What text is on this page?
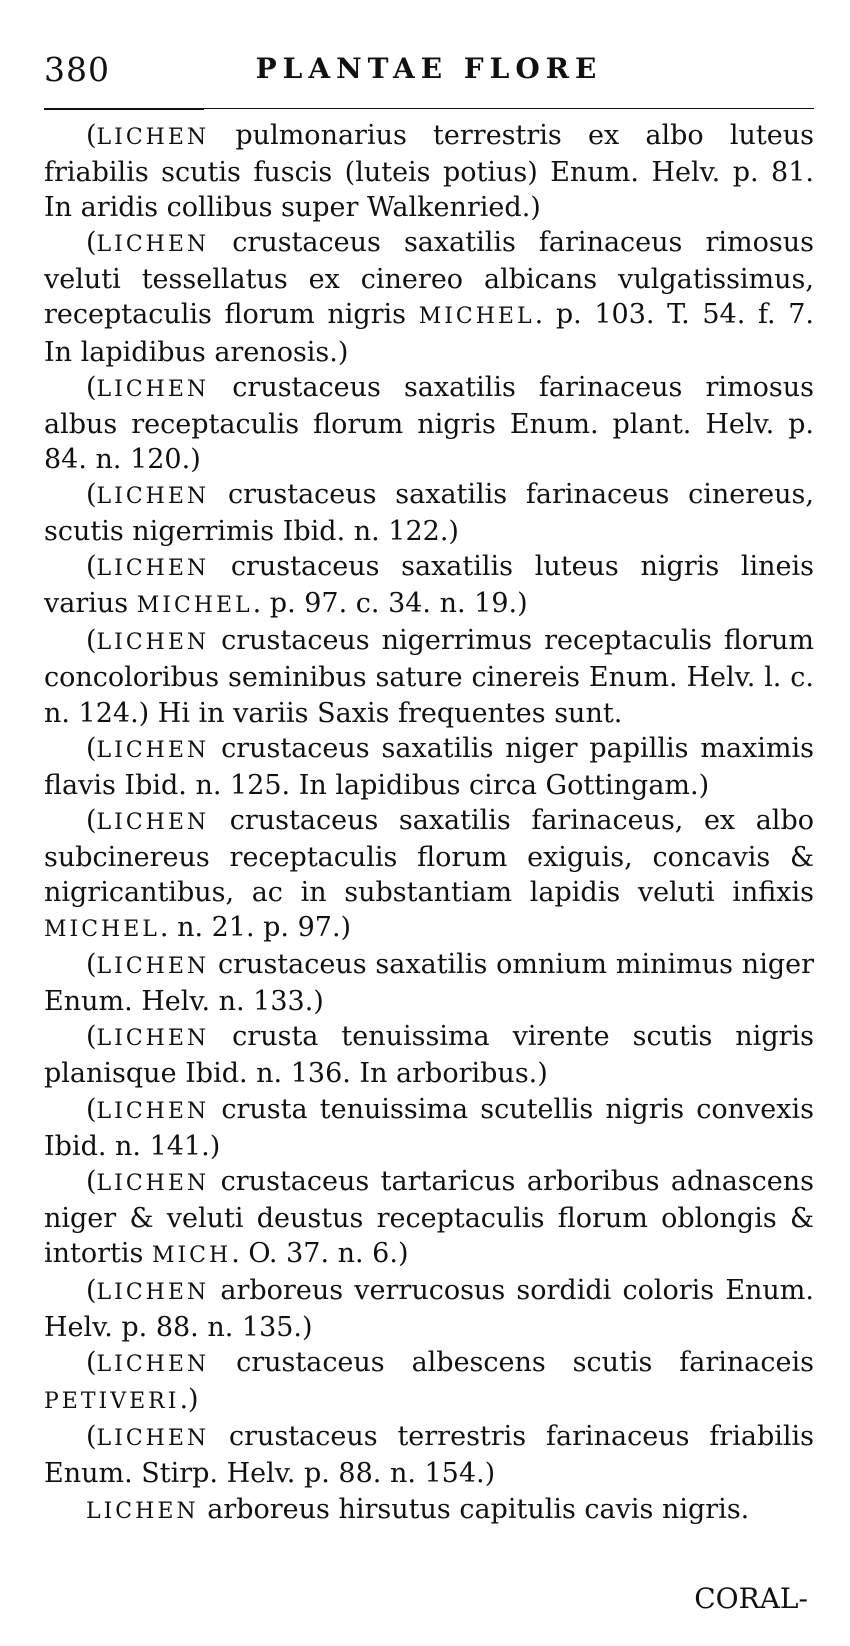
380	PLANTAE FLORE

(LICHEN pulmonarius terrestris ex albo luteus friabilis scutis fuscis (luteis potius) Enum. Helv. p. 81. In aridis collibus super Walkenried.)

(LICHEN crustaceus saxatilis farinaceus rimosus veluti tessellatus ex cinereo albicans vulgatissimus, receptaculis florum nigris MICHEL. p. 103. T. 54. f. 7. In lapidibus arenosis.)

(LICHEN crustaceus saxatilis farinaceus rimosus albus receptaculis florum nigris Enum. plant. Helv. p. 84. n. 120.)

(LICHEN crustaceus saxatilis farinaceus cinereus, scutis nigerrimis Ibid. n. 122.)

(LICHEN crustaceus saxatilis luteus nigris lineis varius MICHEL. p. 97. c. 34. n. 19.)

(LICHEN crustaceus nigerrimus receptaculis florum concoloribus seminibus sature cinereis Enum. Helv. l. c. n. 124.) Hi in variis Saxis frequentes sunt.

(LICHEN crustaceus saxatilis niger papillis maximis flavis Ibid. n. 125. In lapidibus circa Gottingam.)

(LICHEN crustaceus saxatilis farinaceus, ex albo subcinereus receptaculis florum exiguis, concavis & nigricantibus, ac in substantiam lapidis veluti infixis MICHEL. n. 21. p. 97.)

(LICHEN crustaceus saxatilis omnium minimus niger Enum. Helv. n. 133.)

(LICHEN crusta tenuissima virente scutis nigris planisque Ibid. n. 136. In arboribus.)

(LICHEN crusta tenuissima scutellis nigris convexis Ibid. n. 141.)

(LICHEN crustaceus tartaricus arboribus adnascens niger & veluti deustus receptaculis florum oblongis & intortis MICH. O. 37. n. 6.)

(LICHEN arboreus verrucosus sordidi coloris Enum. Helv. p. 88. n. 135.)

(LICHEN crustaceus albescens scutis farinaceis PETIVERI.)

(LICHEN crustaceus terrestris farinaceus friabilis Enum. Stirp. Helv. p. 88. n. 154.)

LICHEN arboreus hirsutus capitulis cavis nigris.

CORAL-
